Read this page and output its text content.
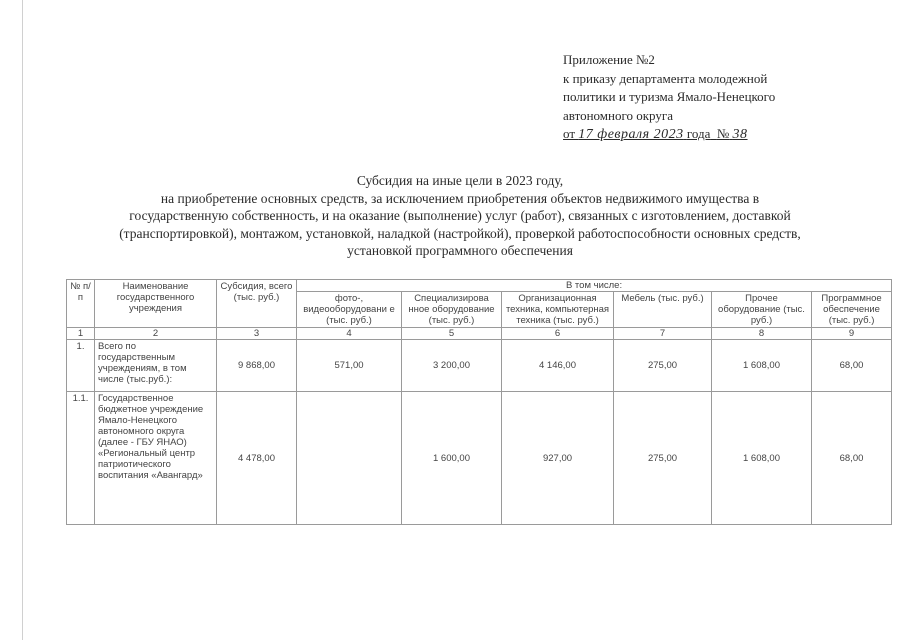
Приложение №2
к приказу департамента молодежной
политики и туризма Ямало-Ненецкого
автономного округа
от 17 февраля 2023 года № 38
Субсидия на иные цели в 2023 году,
на приобретение основных средств, за исключением приобретения объектов недвижимого имущества в
государственную собственность, и на оказание (выполнение) услуг (работ), связанных с изготовлением, доставкой
(транспортировкой), монтажом, установкой, наладкой (настройкой), проверкой работоспособности основных средств,
установкой программного обеспечения
№ п/п	Наименование государственного учреждения	Субсидия, всего (тыс. руб.)	В том числе:					
			фото-, видеооборудовани е (тыс. руб.)	Специализирова нное оборудование (тыс. руб.)	Организационная техника, компьютерная техника (тыс. руб.)	Мебель (тыс. руб.)	Прочее оборудование (тыс. руб.)	Программное обеспечение (тыс. руб.)
1	2	3	4	5	6	7	8	9
1.	Всего по государственным учреждениям, в том числе (тыс.руб.):	9 868,00	571,00	3 200,00	4 146,00	275,00	1 608,00	68,00
1.1.	Государственное бюджетное учреждение Ямало-Ненецкого автономного округа (далее - ГБУ ЯНАО) «Региональный центр патриотического воспитания «Авангард»	4 478,00		1 600,00	927,00	275,00	1 608,00	68,00
